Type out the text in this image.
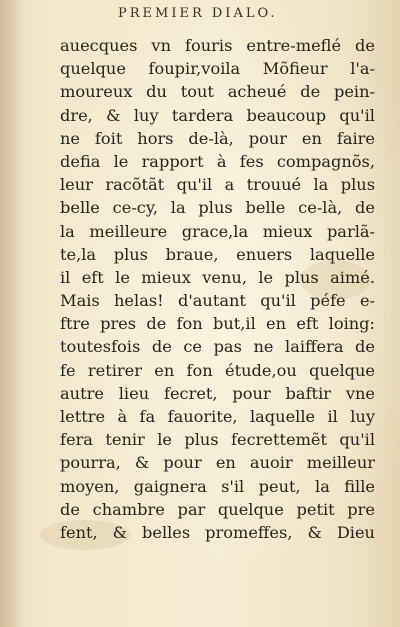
PREMIER DIALO.
auecques vn fouris entre-meflé de
quelque foupir,voila Mõfieur l'a-
moureux du tout acheué de pein-
dre, & luy tardera beaucoup qu'il
ne foit hors de-là, pour en faire
defia le rapport à fes compagnõs,
leur racõtãt qu'il a trouué la plus
belle ce-cy, la plus belle ce-là, de
la meilleure grace,la mieux parlã-
te,la plus braue, enuers laquelle
il eft le mieux venu, le plus aimé.
Mais helas! d'autant qu'il péfe e-
ftre pres de fon but,il en eft loing:
toutesfois de ce pas ne laiffera de
fe retirer en fon étude,ou quelque
autre lieu fecret, pour baftir vne
lettre à fa fauorite, laquelle il luy
fera tenir le plus fecrettemẽt qu'il
pourra, & pour en auoir meilleur
moyen, gaignera s'il peut, la fille
de chambre par quelque petit pre
fent, & belles promeffes, & Dieu
